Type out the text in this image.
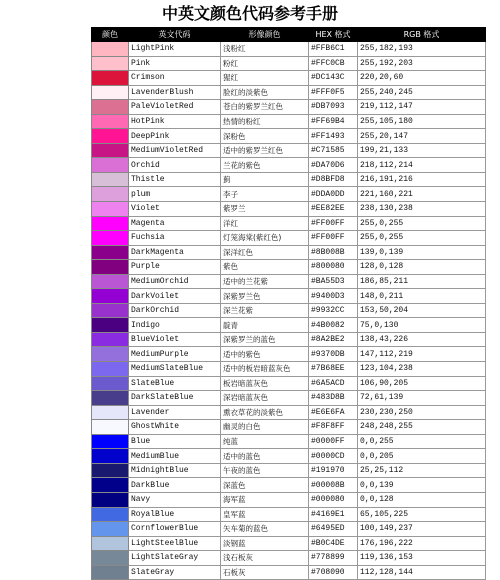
中英文颜色代码参考手册
颜色	英文代码	形像颜色	HEX 格式	RGB 格式
	LightPink	浅粉红	#FFB6C1	255,182,193
	Pink	粉红	#FFC0CB	255,192,203
	Crimson	猩红	#DC143C	220,20,60
	LavenderBlush	脸红的淡紫色	#FFF0F5	255,240,245
	PaleVioletRed	苍白的紫罗兰红色	#DB7093	219,112,147
	HotPink	热情的粉红	#FF69B4	255,105,180
	DeepPink	深粉色	#FF1493	255,20,147
	MediumVioletRed	适中的紫罗兰红色	#C71585	199,21,133
	Orchid	兰花的紫色	#DA70D6	218,112,214
	Thistle	蓟	#D8BFD8	216,191,216
	plum	李子	#DDA0DD	221,160,221
	Violet	紫罗兰	#EE82EE	238,130,238
	Magenta	洋红	#FF00FF	255,0,255
	Fuchsia	灯笼海棠(紫红色)	#FF00FF	255,0,255
	DarkMagenta	深洋红色	#8B008B	139,0,139
	Purple	紫色	#800080	128,0,128
	MediumOrchid	适中的兰花紫	#BA55D3	186,85,211
	DarkVoilet	深紫罗兰色	#9400D3	148,0,211
	DarkOrchid	深兰花紫	#9932CC	153,50,204
	Indigo	靛青	#4B0082	75,0,130
	BlueViolet	深紫罗兰的蓝色	#8A2BE2	138,43,226
	MediumPurple	适中的紫色	#9370DB	147,112,219
	MediumSlateBlue	适中的板岩暗蓝灰色	#7B68EE	123,104,238
	SlateBlue	板岩暗蓝灰色	#6A5ACD	106,90,205
	DarkSlateBlue	深岩暗蓝灰色	#483D8B	72,61,139
	Lavender	熏衣草花的淡紫色	#E6E6FA	230,230,250
	GhostWhite	幽灵的白色	#F8F8FF	248,248,255
	Blue	纯蓝	#0000FF	0,0,255
	MediumBlue	适中的蓝色	#0000CD	0,0,205
	MidnightBlue	午夜的蓝色	#191970	25,25,112
	DarkBlue	深蓝色	#00008B	0,0,139
	Navy	海军蓝	#000080	0,0,128
	RoyalBlue	皇军蓝	#4169E1	65,105,225
	CornflowerBlue	矢车菊的蓝色	#6495ED	100,149,237
	LightSteelBlue	淡钢蓝	#B0C4DE	176,196,222
	LightSlateGray	浅石板灰	#778899	119,136,153
	SlateGray	石板灰	#708090	112,128,144
